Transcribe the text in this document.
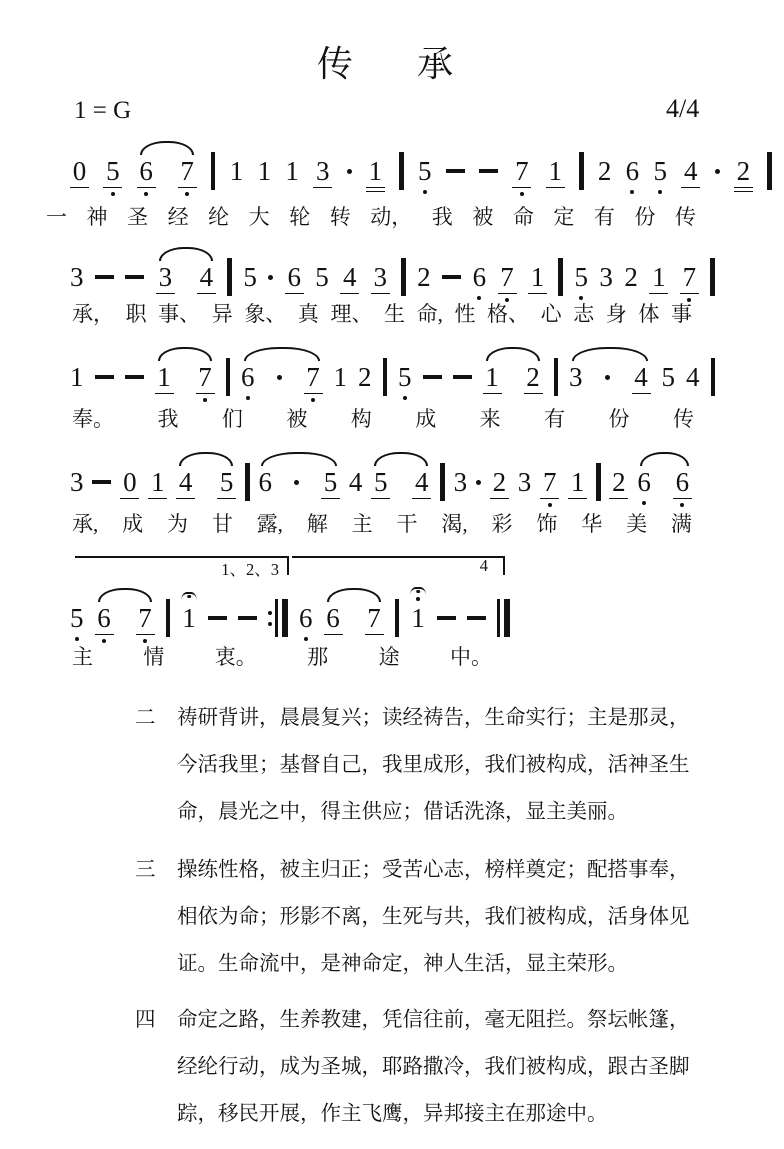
传　承
1 = G	4/4
0 5 6 7 1 1 1 3 1 5	7 1 2 6 5 4 2
3	3 4 5 6 5 4 3 2 6 7 1 5 3 2 1 7
1	1 7 6 7 1 2 5	1 2 3 4 5 4
3 0 1 4 5 6 5 4 5 4 3 2 3 7 1 2 6 6
5 6 7 1	6 6 7 1
一 神 圣 经 纶 大 轮 转 动， 我 被 命 定 有 份 传
承， 职 事、 异 象、 真 理、 生 命, 性 格、 心 志 身 体 事
奉。 我 们 被 构 成 来 有 份 传
承, 成 为 甘 露, 解 主 干 渴, 彩 饰 华 美 满
主 情 衷。 那 途 中。
1、2、3	4
二 祷研背讲，晨晨复兴；读经祷告，生命实行；主是那灵，
今活我里；基督自己，我里成形，我们被构成，活神圣生
命，晨光之中，得主供应；借话洗涤，显主美丽。
三 操练性格，被主归正；受苦心志，榜样奠定；配搭事奉，
相依为命；形影不离，生死与共，我们被构成，活身体见
证。生命流中，是神命定，神人生活，显主荣形。
四 命定之路，生养教建，凭信往前，毫无阻拦。祭坛帐篷，
经纶行动，成为圣城，耶路撒冷，我们被构成，跟古圣脚
踪，移民开展，作主飞鹰，异邦接主在那途中。
